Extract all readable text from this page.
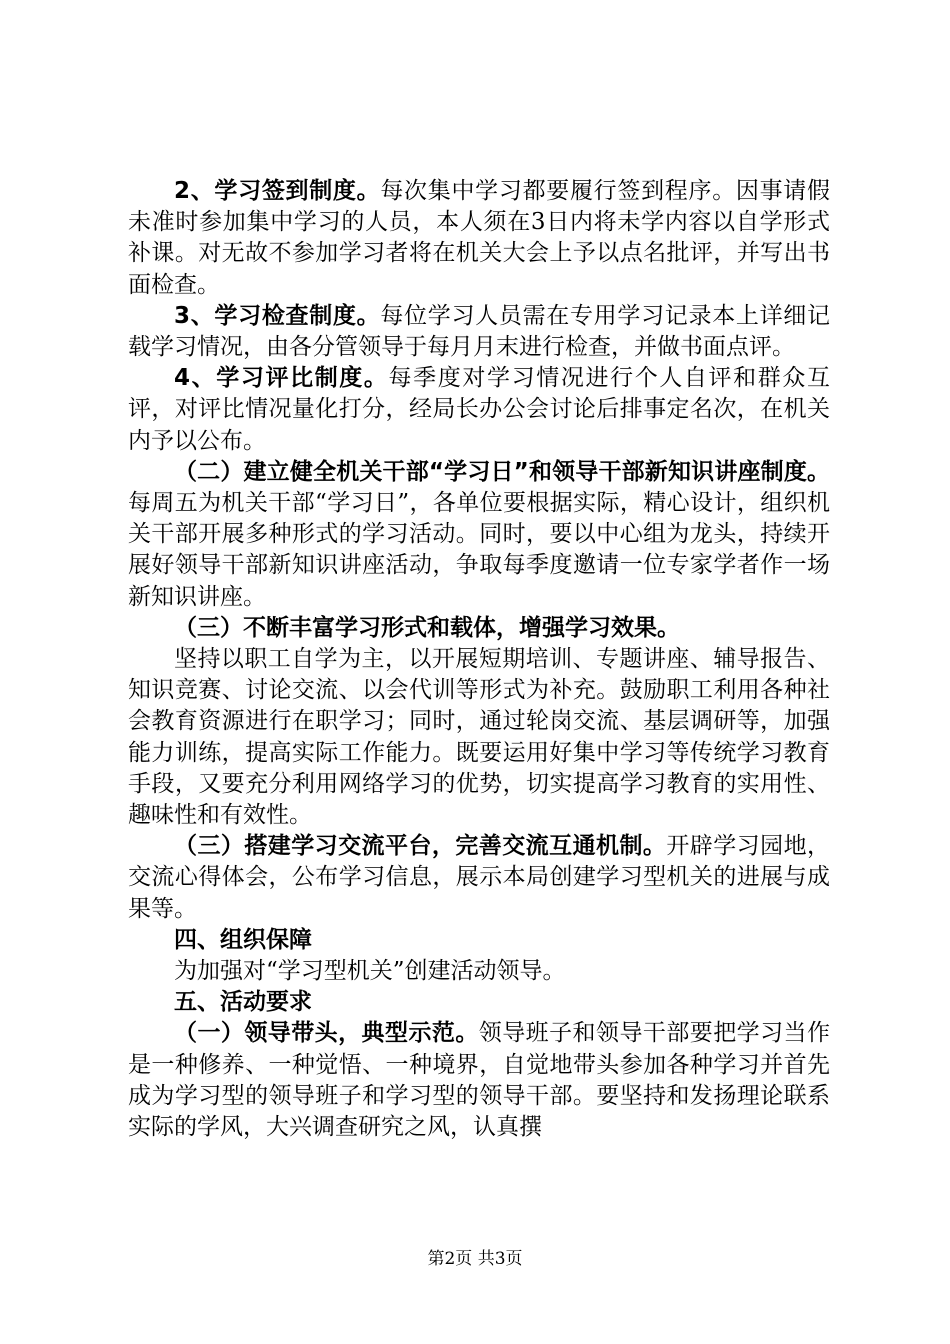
2、学习签到制度。每次集中学习都要履行签到程序。因事请假未准时参加集中学习的人员，本人须在3日内将未学内容以自学形式补课。对无故不参加学习者将在机关大会上予以点名批评，并写出书面检查。

3、学习检查制度。每位学习人员需在专用学习记录本上详细记载学习情况，由各分管领导于每月月末进行检查，并做书面点评。

4、学习评比制度。每季度对学习情况进行个人自评和群众互评，对评比情况量化打分，经局长办公会讨论后排事定名次，在机关内予以公布。

（二）建立健全机关干部“学习日”和领导干部新知识讲座制度。每周五为机关干部“学习日”，各单位要根据实际，精心设计，组织机关干部开展多种形式的学习活动。同时，要以中心组为龙头，持续开展好领导干部新知识讲座活动，争取每季度邀请一位专家学者作一场新知识讲座。

（三）不断丰富学习形式和载体，增强学习效果。

坚持以职工自学为主，以开展短期培训、专题讲座、辅导报告、知识竞赛、讨论交流、以会代训等形式为补充。鼓励职工利用各种社会教育资源进行在职学习；同时，通过轮岗交流、基层调研等，加强能力训练，提高实际工作能力。既要运用好集中学习等传统学习教育手段，又要充分利用网络学习的优势，切实提高学习教育的实用性、趣味性和有效性。

（三）搭建学习交流平台，完善交流互通机制。开辟学习园地，交流心得体会，公布学习信息，展示本局创建学习型机关的进展与成果等。

四、组织保障

为加强对“学习型机关”创建活动领导。

五、活动要求

（一）领导带头，典型示范。领导班子和领导干部要把学习当作是一种修养、一种觉悟、一种境界，自觉地带头参加各种学习并首先成为学习型的领导班子和学习型的领导干部。要坚持和发扬理论联系实际的学风，大兴调查研究之风，认真撰

第2页 共3页
